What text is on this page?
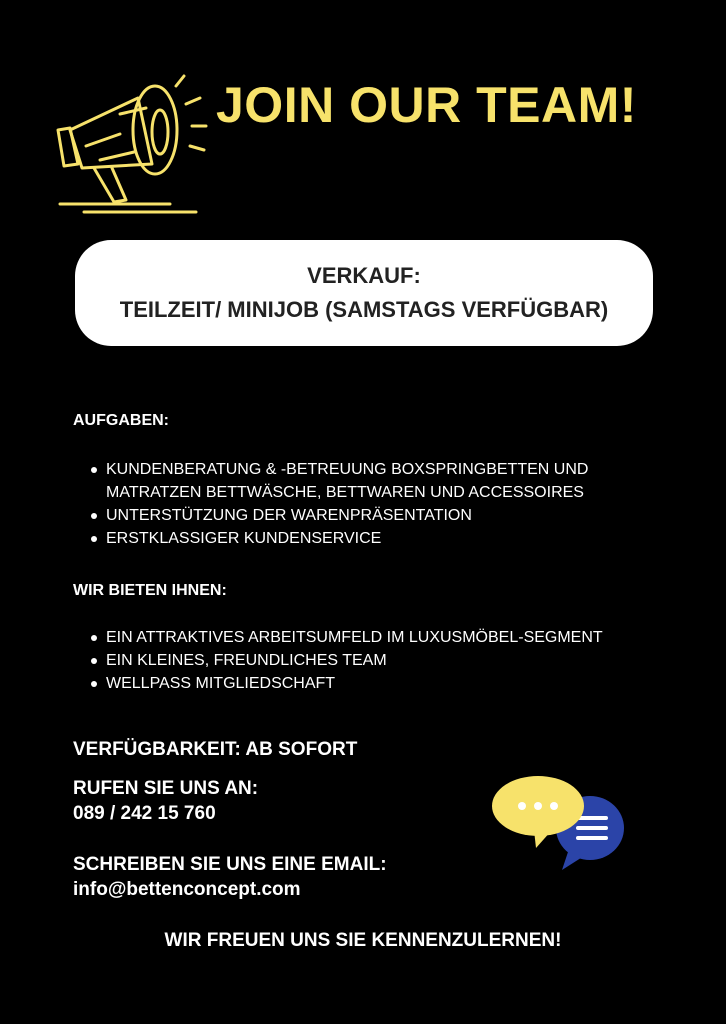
JOIN OUR TEAM!
VERKAUF:
TEILZEIT/ MINIJOB (SAMSTAGS VERFÜGBAR)
AUFGABEN:
KUNDENBERATUNG & -BETREUUNG BOXSPRINGBETTEN UND MATRATZEN BETTWÄSCHE, BETTWAREN UND ACCESSOIRES
UNTERSTÜTZUNG DER WARENPRÄSENTATION
ERSTKLASSIGER KUNDENSERVICE
WIR BIETEN IHNEN:
EIN ATTRAKTIVES ARBEITSUMFELD IM LUXUSMÖBEL-SEGMENT
EIN KLEINES, FREUNDLICHES TEAM
WELLPASS MITGLIEDSCHAFT
VERFÜGBARKEIT: AB SOFORT
RUFEN SIE UNS AN:
089 / 242 15 760
SCHREIBEN SIE UNS EINE EMAIL:
info@bettenconcept.com
WIR FREUEN UNS SIE KENNENZULERNEN!
